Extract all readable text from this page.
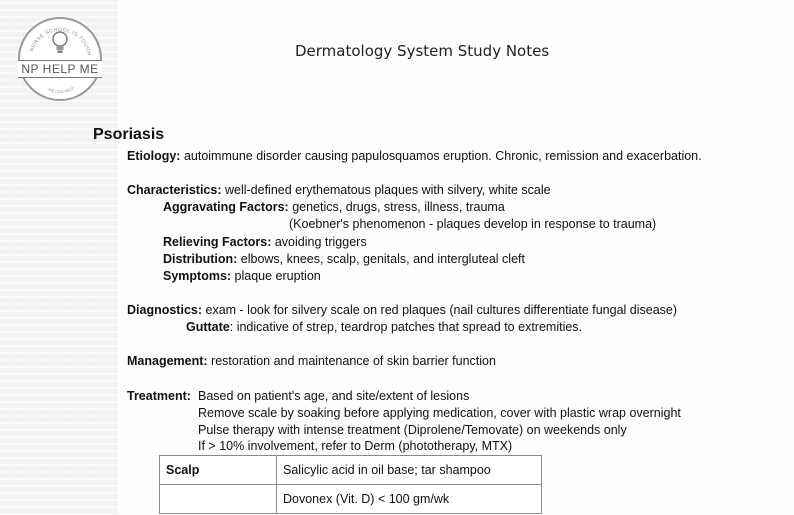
NURSE SCHOOL IS TOUGH
WE CAN HELP
NP HELP ME
Dermatology System Study Notes
Psoriasis
Etiology: autoimmune disorder causing papulosquamos eruption. Chronic, remission and exacerbation.
Characteristics: well-defined erythematous plaques with silvery, white scale
Aggravating Factors: genetics, drugs, stress, illness, trauma
(Koebner's phenomenon - plaques develop in response to trauma)
Relieving Factors: avoiding triggers
Distribution: elbows, knees, scalp, genitals, and intergluteal cleft
Symptoms: plaque eruption
Diagnostics: exam - look for silvery scale on red plaques (nail cultures differentiate fungal disease)
Guttate: indicative of strep, teardrop patches that spread to extremities.
Management: restoration and maintenance of skin barrier function
Treatment: Based on patient's age, and site/extent of lesions
Remove scale by soaking before applying medication, cover with plastic wrap overnight
Pulse therapy with intense treatment (Diprolene/Temovate) on weekends only
If > 10% involvement, refer to Derm (phototherapy, MTX)
Scalp	Salicylic acid in oil base; tar shampoo
	Dovonex (Vit. D) < 100 gm/wk
